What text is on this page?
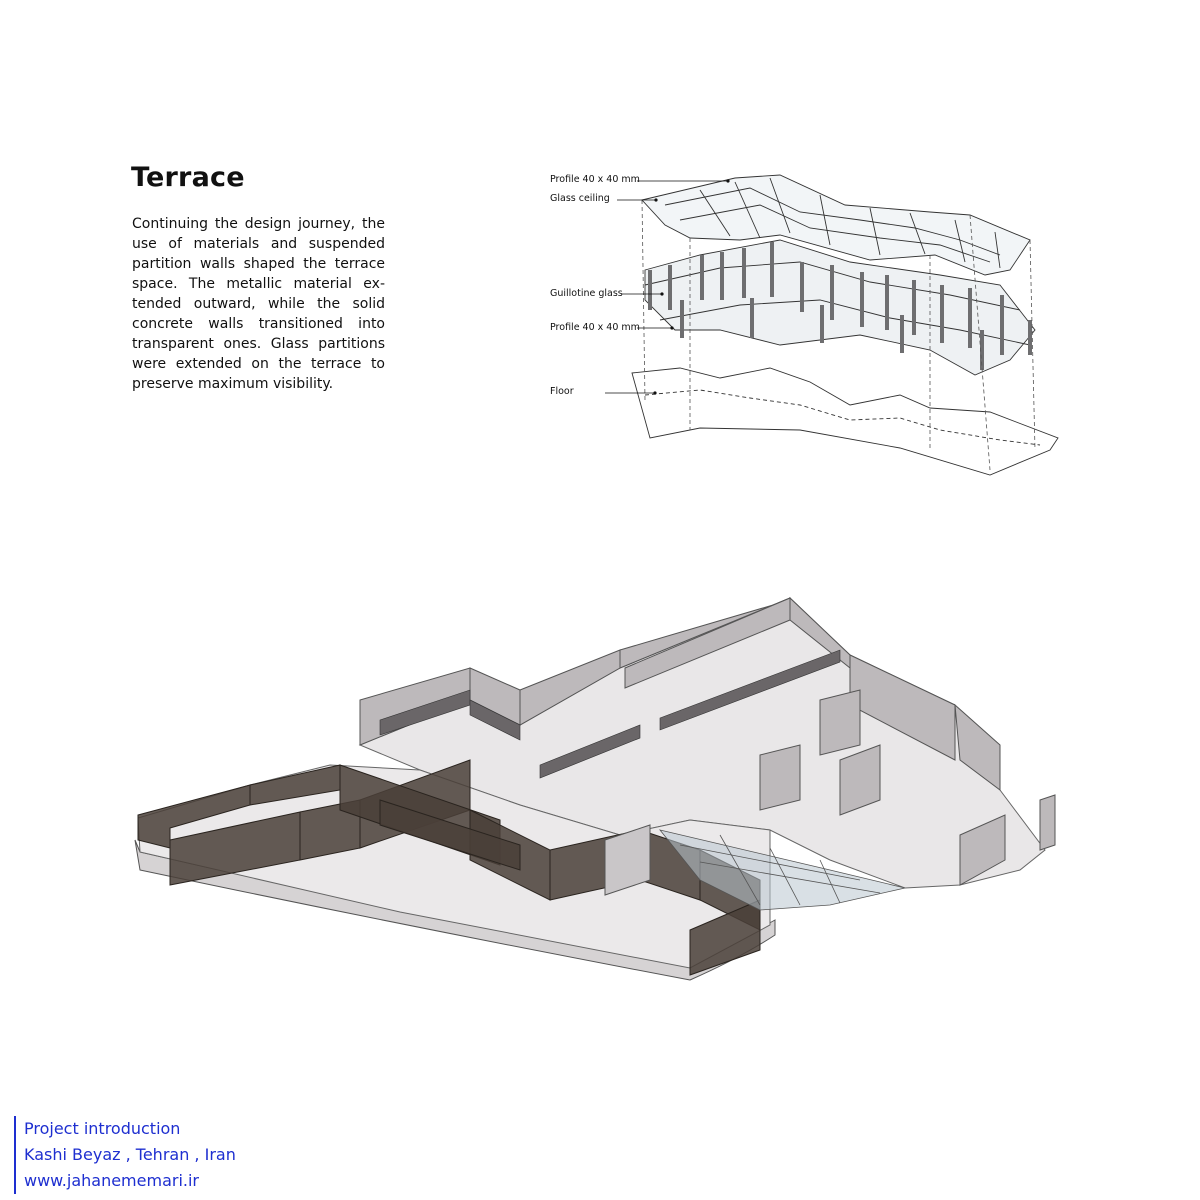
Terrace

Continuing the design journey, the use of materials and suspended partition walls shaped the terrace space. The metallic material extended outward, while the solid concrete walls transitioned into transparent ones. Glass partitions were extended on the terrace to preserve maximum visibility.

Profile 40 x 40 mm
Glass ceiling
Guillotine glass
Profile 40 x 40 mm
Floor
Project introduction
Kashi Beyaz , Tehran , Iran
www.jahanememari.ir
